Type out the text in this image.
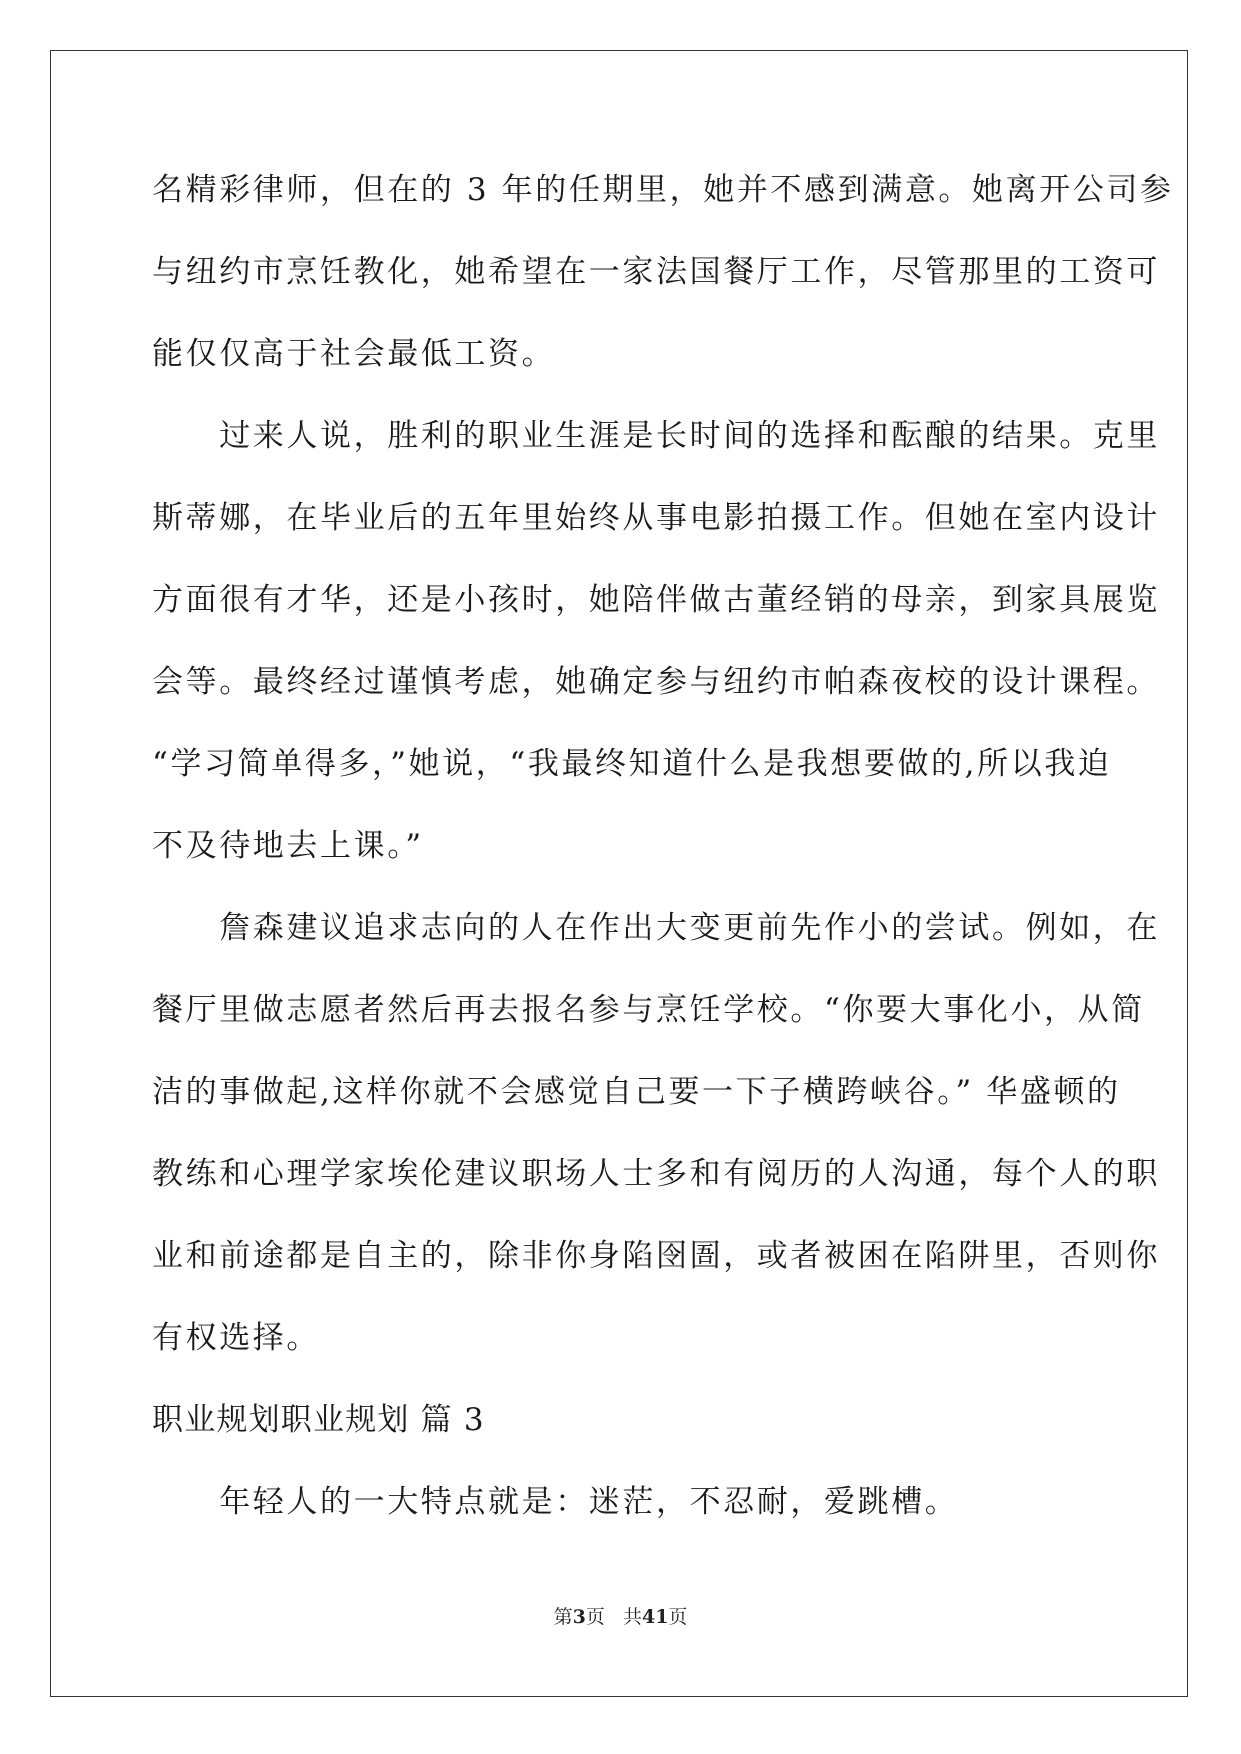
名精彩律师，但在的 3 年的任期里，她并不感到满意。她离开公司参
与纽约市烹饪教化，她希望在一家法国餐厅工作，尽管那里的工资可
能仅仅高于社会最低工资。
　　过来人说，胜利的职业生涯是长时间的选择和酝酿的结果。克里
斯蒂娜，在毕业后的五年里始终从事电影拍摄工作。但她在室内设计
方面很有才华，还是小孩时，她陪伴做古董经销的母亲，到家具展览
会等。最终经过谨慎考虑，她确定参与纽约市帕森夜校的设计课程。
“学习简单得多，”她说，“我最终知道什么是我想要做的,所以我迫
不及待地去上课。”
　　詹森建议追求志向的人在作出大变更前先作小的尝试。例如，在
餐厅里做志愿者然后再去报名参与烹饪学校。“你要大事化小，从简
洁的事做起,这样你就不会感觉自己要一下子横跨峡谷。” 华盛顿的
教练和心理学家埃伦建议职场人士多和有阅历的人沟通，每个人的职
业和前途都是自主的，除非你身陷囹圄，或者被困在陷阱里，否则你
有权选择。
职业规划职业规划 篇 3
　　年轻人的一大特点就是：迷茫，不忍耐，爱跳槽。
第3页 共41页
